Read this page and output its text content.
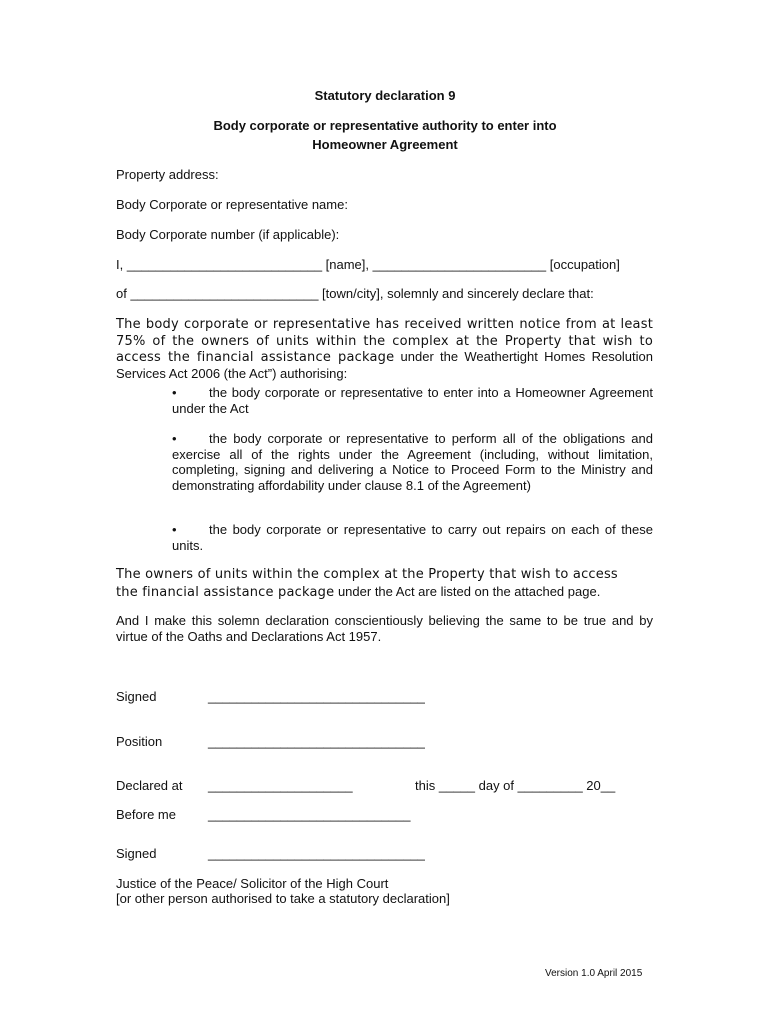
Statutory declaration 9
Body corporate or representative authority to enter into
Homeowner Agreement
Property address:
Body Corporate or representative name:
Body Corporate number (if applicable):
I, ___________________________ [name], ________________________ [occupation]
of __________________________ [town/city], solemnly and sincerely declare that:
The body corporate or representative has received written notice from at least 75% of the owners of units within the complex at the Property that wish to access the financial assistance package under the Weathertight Homes Resolution Services Act 2006 (the Act”) authorising:
• the body corporate or representative to enter into a Homeowner Agreement under the Act
• the body corporate or representative to perform all of the obligations and exercise all of the rights under the Agreement (including, without limitation, completing, signing and delivering a Notice to Proceed Form to the Ministry and demonstrating affordability under clause 8.1 of the Agreement)
• the body corporate or representative to carry out repairs on each of these units.
The owners of units within the complex at the Property that wish to access
the financial assistance package under the Act are listed on the attached page.
And I make this solemn declaration conscientiously believing the same to be true and by virtue of the Oaths and Declarations Act 1957.
Signed	______________________________
Position	______________________________
Declared at ____________________	this _____ day of _________ 20__
Before me ____________________________
Signed	______________________________
Justice of the Peace/ Solicitor of the High Court
[or other person authorised to take a statutory declaration]
Version 1.0 April 2015
